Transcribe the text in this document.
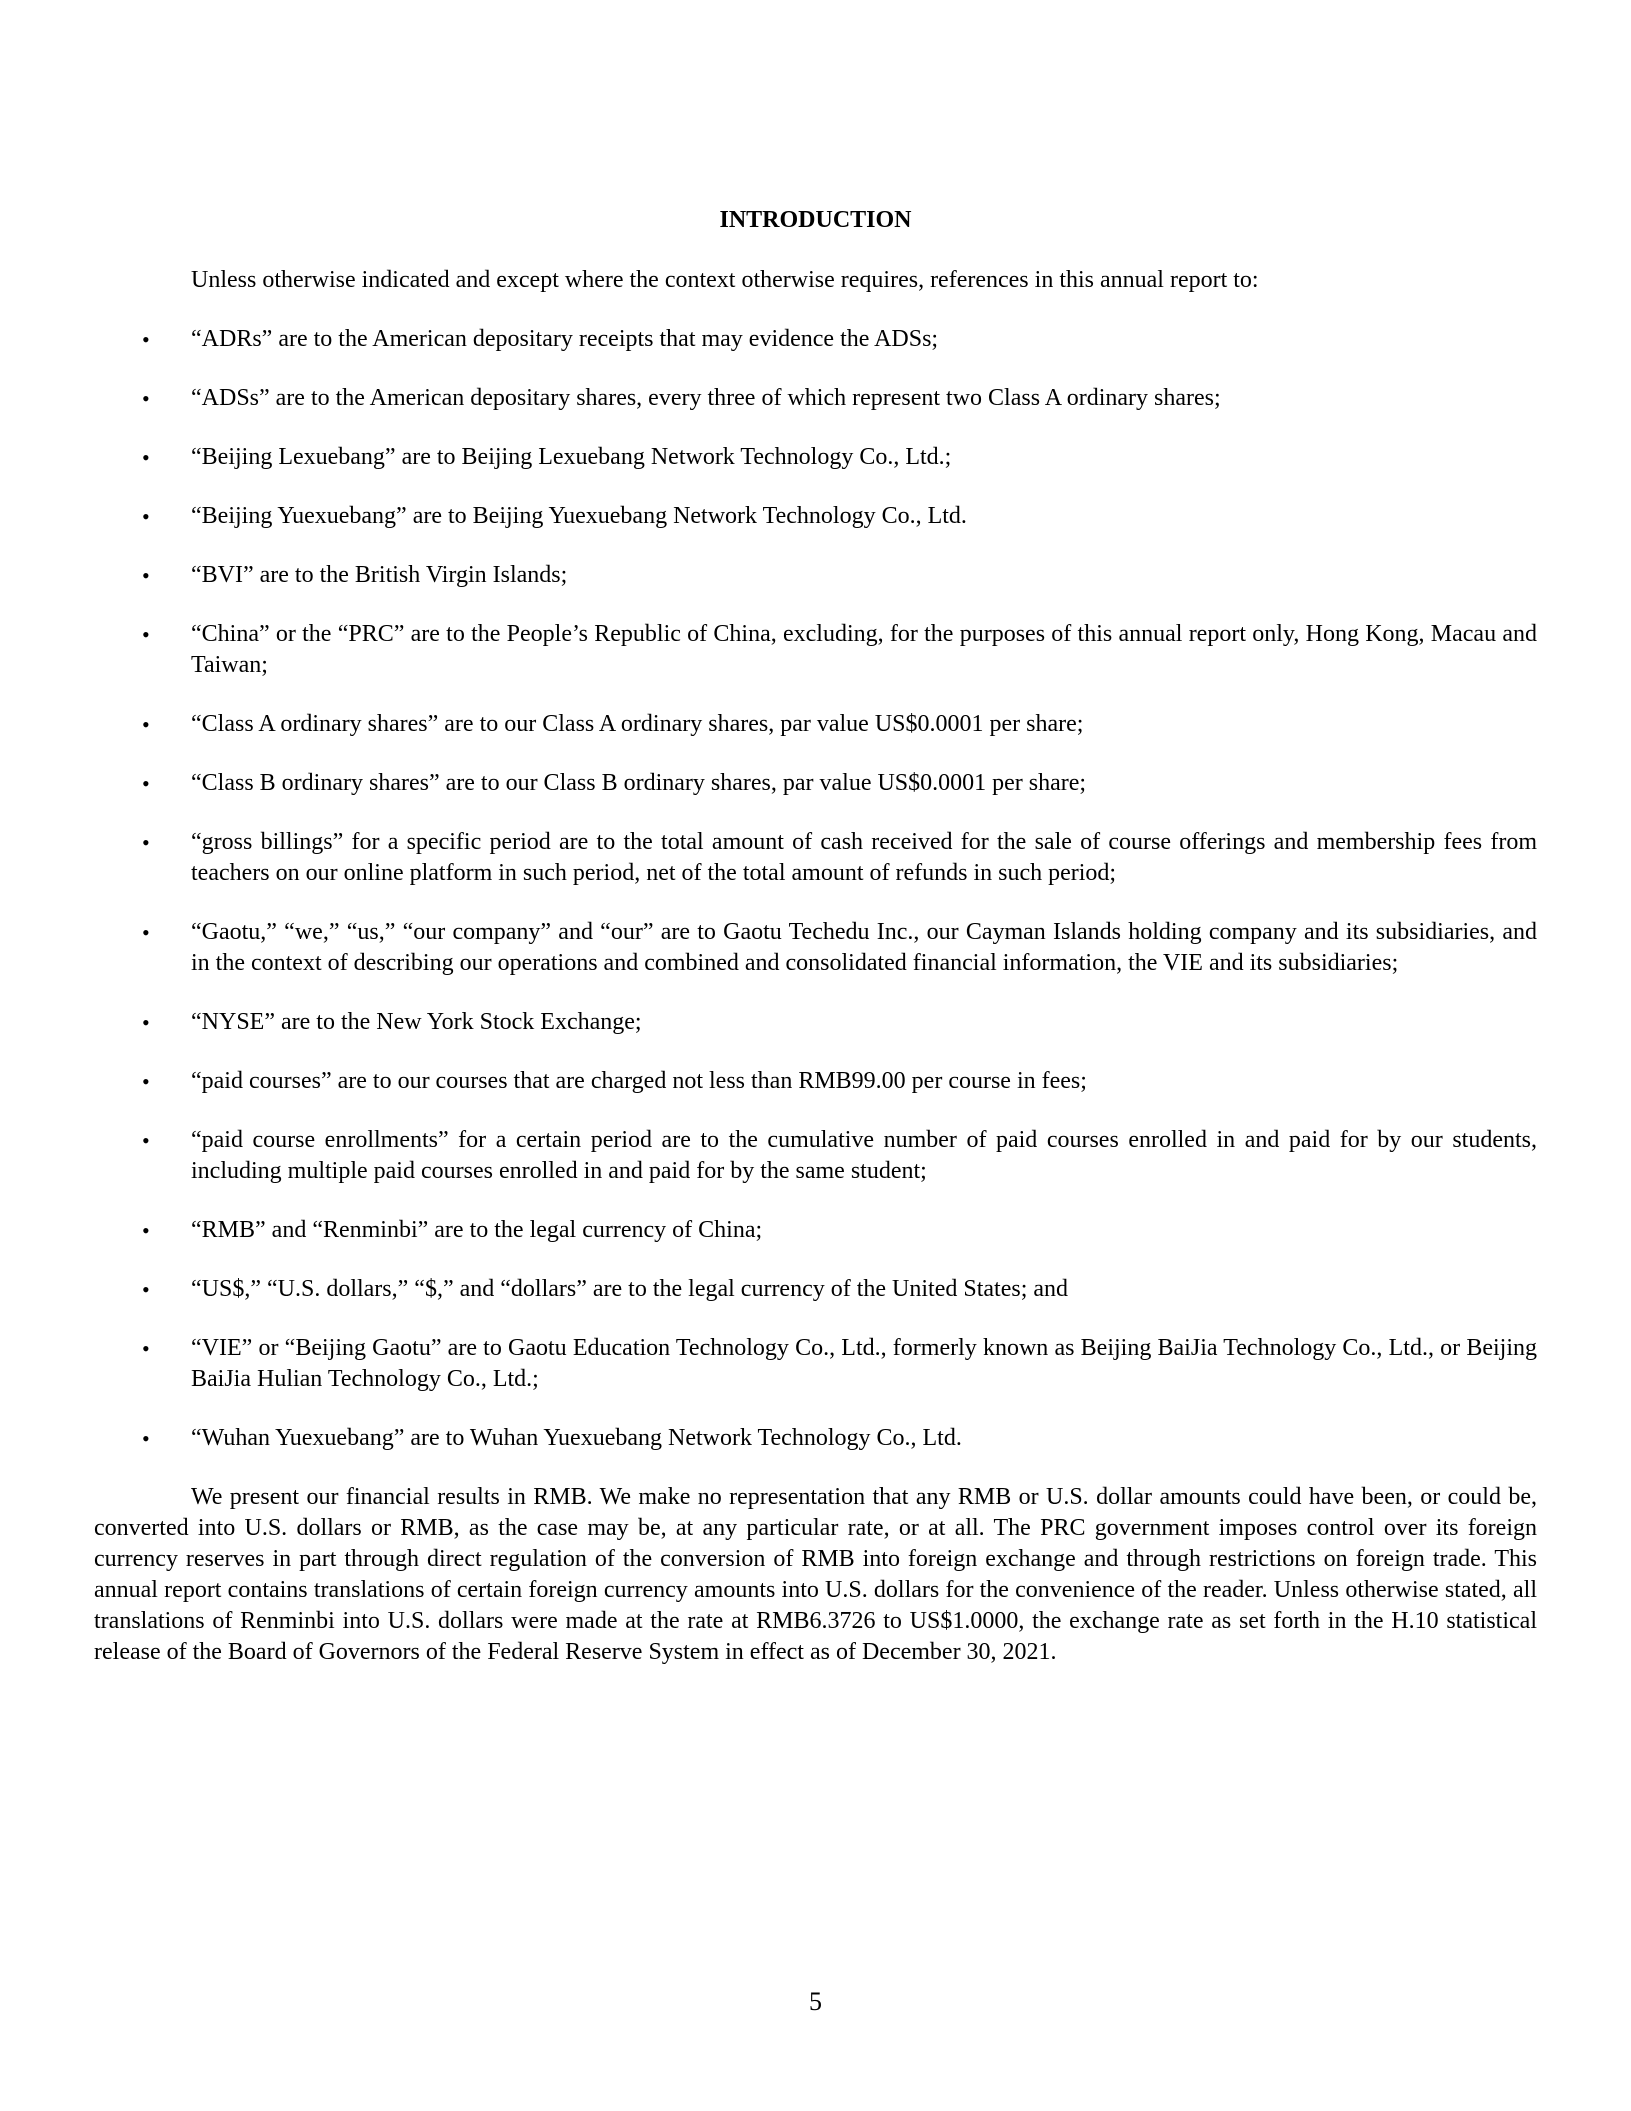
INTRODUCTION

Unless otherwise indicated and except where the context otherwise requires, references in this annual report to:

• “ADRs” are to the American depositary receipts that may evidence the ADSs;
• “ADSs” are to the American depositary shares, every three of which represent two Class A ordinary shares;
• “Beijing Lexuebang” are to Beijing Lexuebang Network Technology Co., Ltd.;
• “Beijing Yuexuebang” are to Beijing Yuexuebang Network Technology Co., Ltd.
• “BVI” are to the British Virgin Islands;
• “China” or the “PRC” are to the People’s Republic of China, excluding, for the purposes of this annual report only, Hong Kong, Macau and Taiwan;
• “Class A ordinary shares” are to our Class A ordinary shares, par value US$0.0001 per share;
• “Class B ordinary shares” are to our Class B ordinary shares, par value US$0.0001 per share;
• “gross billings” for a specific period are to the total amount of cash received for the sale of course offerings and membership fees from teachers on our online platform in such period, net of the total amount of refunds in such period;
• “Gaotu,” “we,” “us,” “our company” and “our” are to Gaotu Techedu Inc., our Cayman Islands holding company and its subsidiaries, and in the context of describing our operations and combined and consolidated financial information, the VIE and its subsidiaries;
• “NYSE” are to the New York Stock Exchange;
• “paid courses” are to our courses that are charged not less than RMB99.00 per course in fees;
• “paid course enrollments” for a certain period are to the cumulative number of paid courses enrolled in and paid for by our students, including multiple paid courses enrolled in and paid for by the same student;
• “RMB” and “Renminbi” are to the legal currency of China;
• “US$,” “U.S. dollars,” “$,” and “dollars” are to the legal currency of the United States; and
• “VIE” or “Beijing Gaotu” are to Gaotu Education Technology Co., Ltd., formerly known as Beijing BaiJia Technology Co., Ltd., or Beijing BaiJia Hulian Technology Co., Ltd.;
• “Wuhan Yuexuebang” are to Wuhan Yuexuebang Network Technology Co., Ltd.

We present our financial results in RMB. We make no representation that any RMB or U.S. dollar amounts could have been, or could be, converted into U.S. dollars or RMB, as the case may be, at any particular rate, or at all. The PRC government imposes control over its foreign currency reserves in part through direct regulation of the conversion of RMB into foreign exchange and through restrictions on foreign trade. This annual report contains translations of certain foreign currency amounts into U.S. dollars for the convenience of the reader. Unless otherwise stated, all translations of Renminbi into U.S. dollars were made at the rate at RMB6.3726 to US$1.0000, the exchange rate as set forth in the H.10 statistical release of the Board of Governors of the Federal Reserve System in effect as of December 30, 2021.

5
